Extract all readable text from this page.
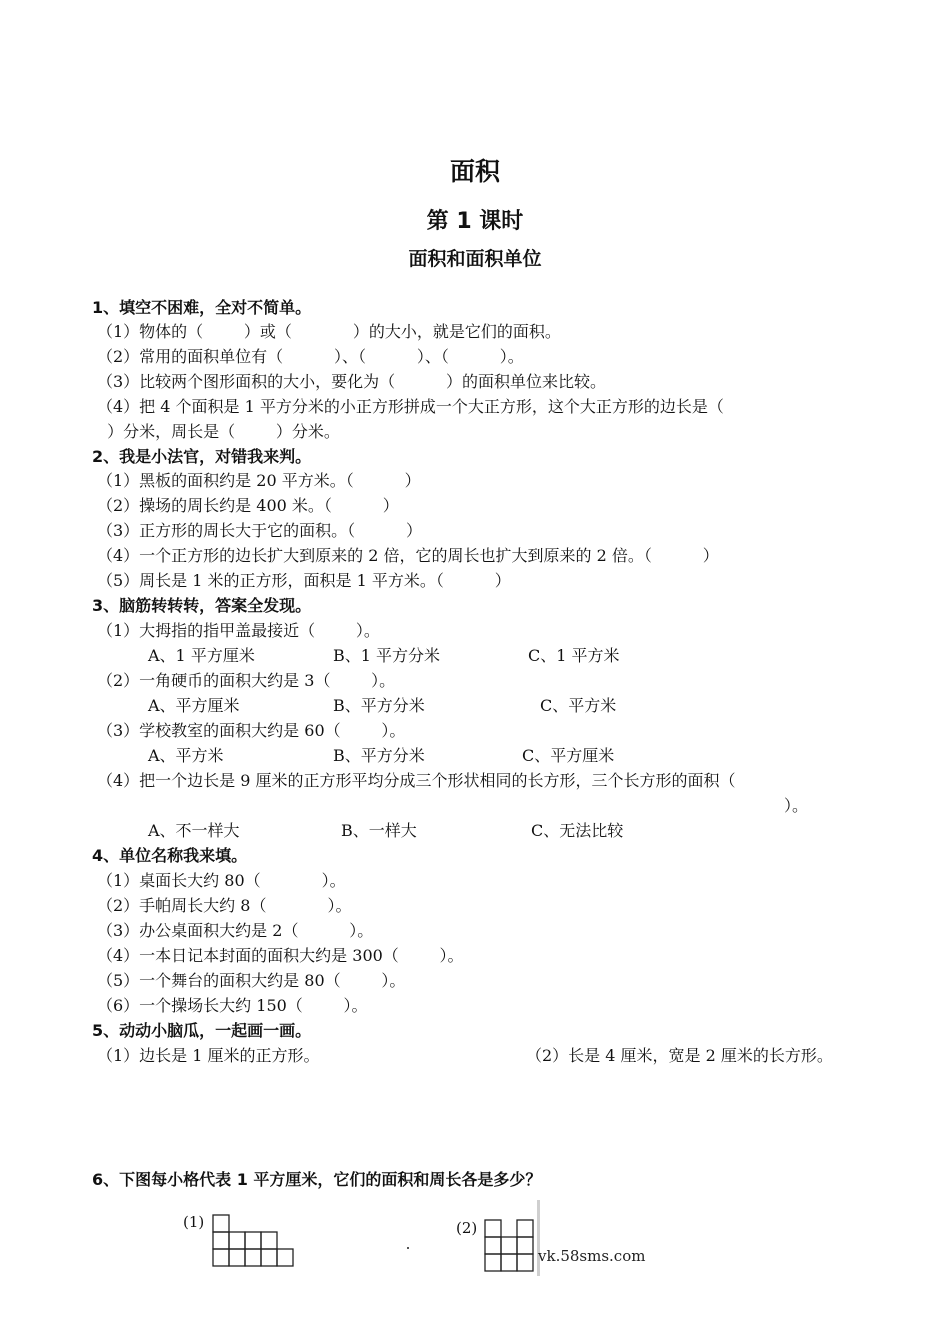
面积
第 1 课时
面积和面积单位
1、填空不困难，全对不简单。
（1）物体的（        ）或（            ）的大小，就是它们的面积。
（2）常用的面积单位有（          ）、（          ）、（          ）。
（3）比较两个图形面积的大小，要化为（          ）的面积单位来比较。
（4）把 4 个面积是 1 平方分米的小正方形拼成一个大正方形，这个大正方形的边长是（
）分米，周长是（        ）分米。
2、我是小法官，对错我来判。
（1）黑板的面积约是 20 平方米。（          ）
（2）操场的周长约是 400 米。（          ）
（3）正方形的周长大于它的面积。（          ）
（4）一个正方形的边长扩大到原来的 2 倍，它的周长也扩大到原来的 2 倍。（          ）
（5）周长是 1 米的正方形，面积是 1 平方米。（          ）
3、脑筋转转转，答案全发现。
（1）大拇指的指甲盖最接近（        ）。
A、1 平方厘米	B、1 平方分米	C、1 平方米
（2）一角硬币的面积大约是 3（        ）。
A、平方厘米	B、平方分米	C、平方米
（3）学校教室的面积大约是 60（        ）。
A、平方米	B、平方分米	C、平方厘米
（4）把一个边长是 9 厘米的正方形平均分成三个形状相同的长方形，三个长方形的面积（
）。
A、不一样大	B、一样大	C、无法比较
4、单位名称我来填。
（1）桌面长大约 80（            ）。
（2）手帕周长大约 8（            ）。
（3）办公桌面积大约是 2（          ）。
（4）一本日记本封面的面积大约是 300（        ）。
（5）一个舞台的面积大约是 80（        ）。
（6）一个操场长大约 150（        ）。
5、动动小脑瓜，一起画一画。
（1）边长是 1 厘米的正方形。	（2）长是 4 厘米，宽是 2 厘米的长方形。
6、下图每小格代表 1 平方厘米，它们的面积和周长各是多少？
(1)	(2)
vk.58sms.com
